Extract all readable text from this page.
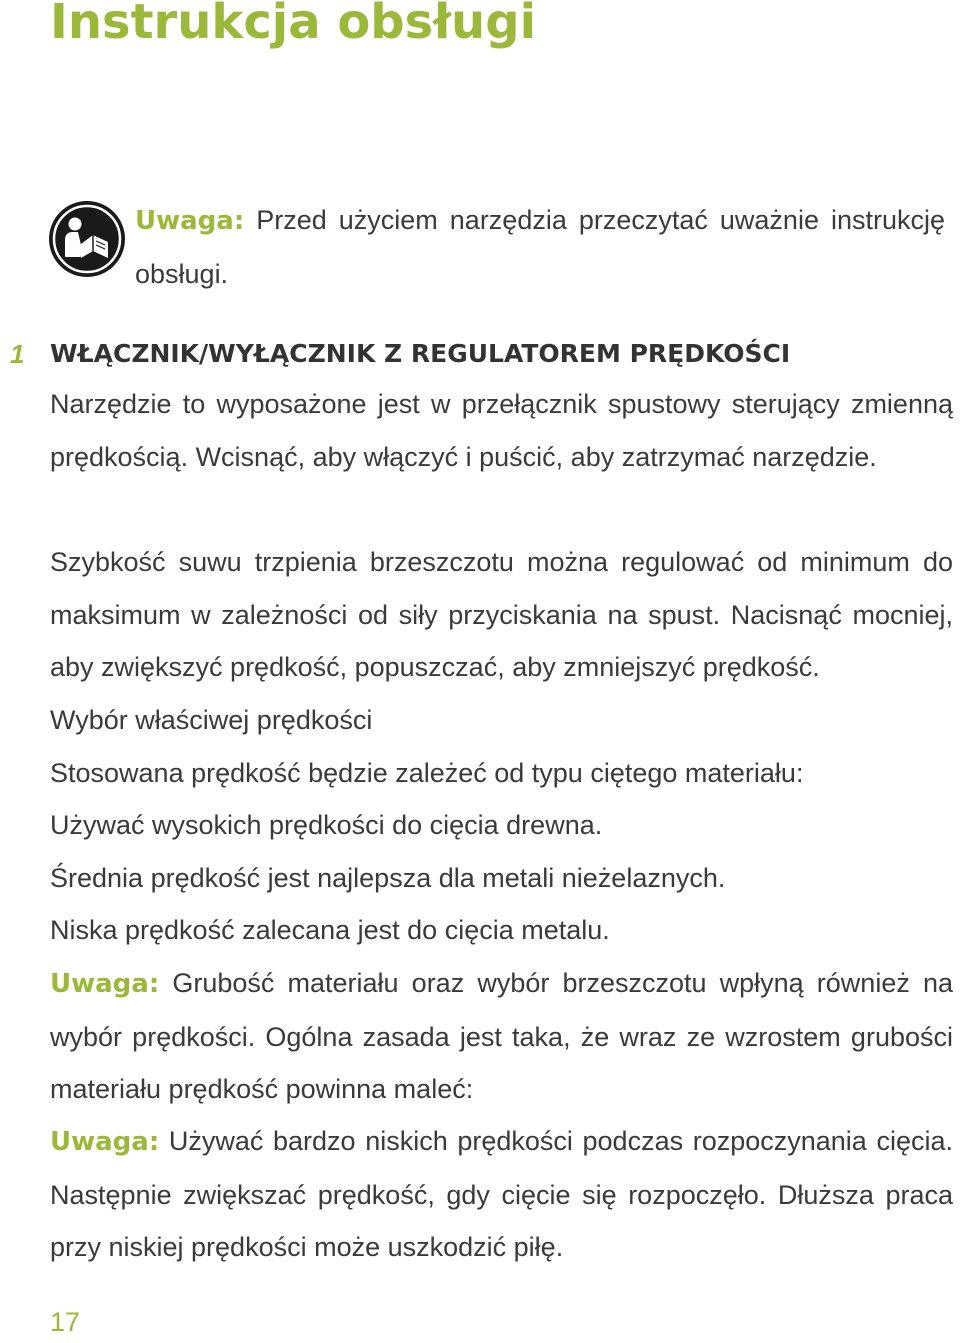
Instrukcja obsługi

Uwaga: Przed użyciem narzędzia przeczytać uważnie instrukcję obsługi.

1 WŁĄCZNIK/WYŁĄCZNIK Z REGULATOREM PRĘDKOŚCI

Narzędzie to wyposażone jest w przełącznik spustowy sterujący zmienną prędkością. Wcisnąć, aby włączyć i puścić, aby zatrzymać narzędzie.

Szybkość suwu trzpienia brzeszczotu można regulować od minimum do maksimum w zależności od siły przyciskania na spust. Nacisnąć mocniej, aby zwiększyć prędkość, popuszczać, aby zmniejszyć prędkość.

Wybór właściwej prędkości

Stosowana prędkość będzie zależeć od typu ciętego materiału:

Używać wysokich prędkości do cięcia drewna.

Średnia prędkość jest najlepsza dla metali nieżelaznych.

Niska prędkość zalecana jest do cięcia metalu.

Uwaga: Grubość materiału oraz wybór brzeszczotu wpłyną również na wybór prędkości. Ogólna zasada jest taka, że wraz ze wzrostem grubości materiału prędkość powinna maleć:

Uwaga: Używać bardzo niskich prędkości podczas rozpoczynania cięcia. Następnie zwiększać prędkość, gdy cięcie się rozpoczęło. Dłuższa praca przy niskiej prędkości może uszkodzić piłę.

17
